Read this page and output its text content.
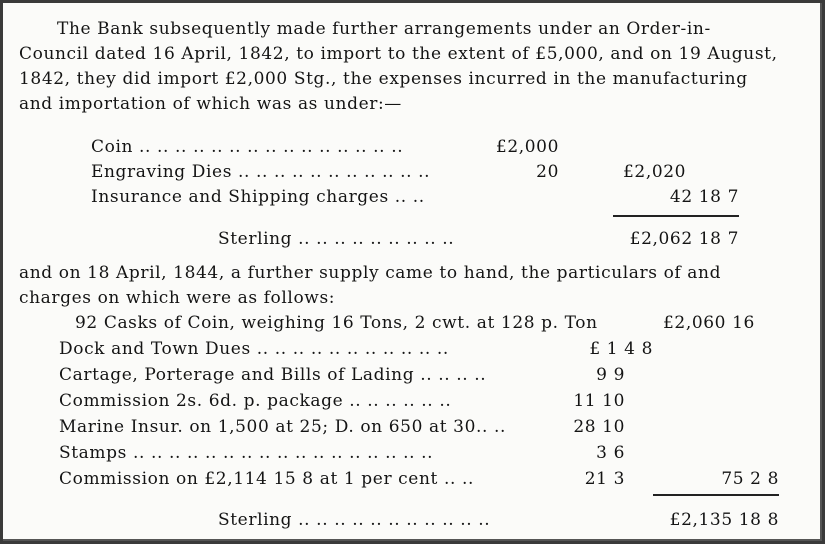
The Bank subsequently made further arrangements under an Order-in-
Council dated 16 April, 1842, to import to the extent of £5,000, and on 19 August,
1842, they did import £2,000 Stg., the expenses incurred in the manufacturing
and importation of which was as under:—
Coin .. .. .. .. .. .. .. .. .. .. .. .. .. .. ..	£2,000
Engraving Dies .. .. .. .. .. .. .. .. .. .. ..	20	£2,020
Insurance and Shipping charges .. ..	42 18 7
Sterling .. .. .. .. .. .. .. .. ..	£2,062 18 7
and on 18 April, 1844, a further supply came to hand, the particulars of and
charges on which were as follows:
92 Casks of Coin, weighing 16 Tons, 2 cwt. at 128 p. Ton	£2,060 16
Dock and Town Dues .. .. .. .. .. .. .. .. .. .. ..	£ 1 4 8
Cartage, Porterage and Bills of Lading .. .. .. ..	9 9
Commission 2s. 6d. p. package .. .. .. .. .. ..	11 10
Marine Insur. on 1,500 at 25; D. on 650 at 30.. ..	28 10
Stamps .. .. .. .. .. .. .. .. .. .. .. .. .. .. .. .. ..	3 6
Commission on £2,114 15 8 at 1 per cent .. ..	21 3	75 2 8
Sterling .. .. .. .. .. .. .. .. .. .. ..	£2,135 18 8
